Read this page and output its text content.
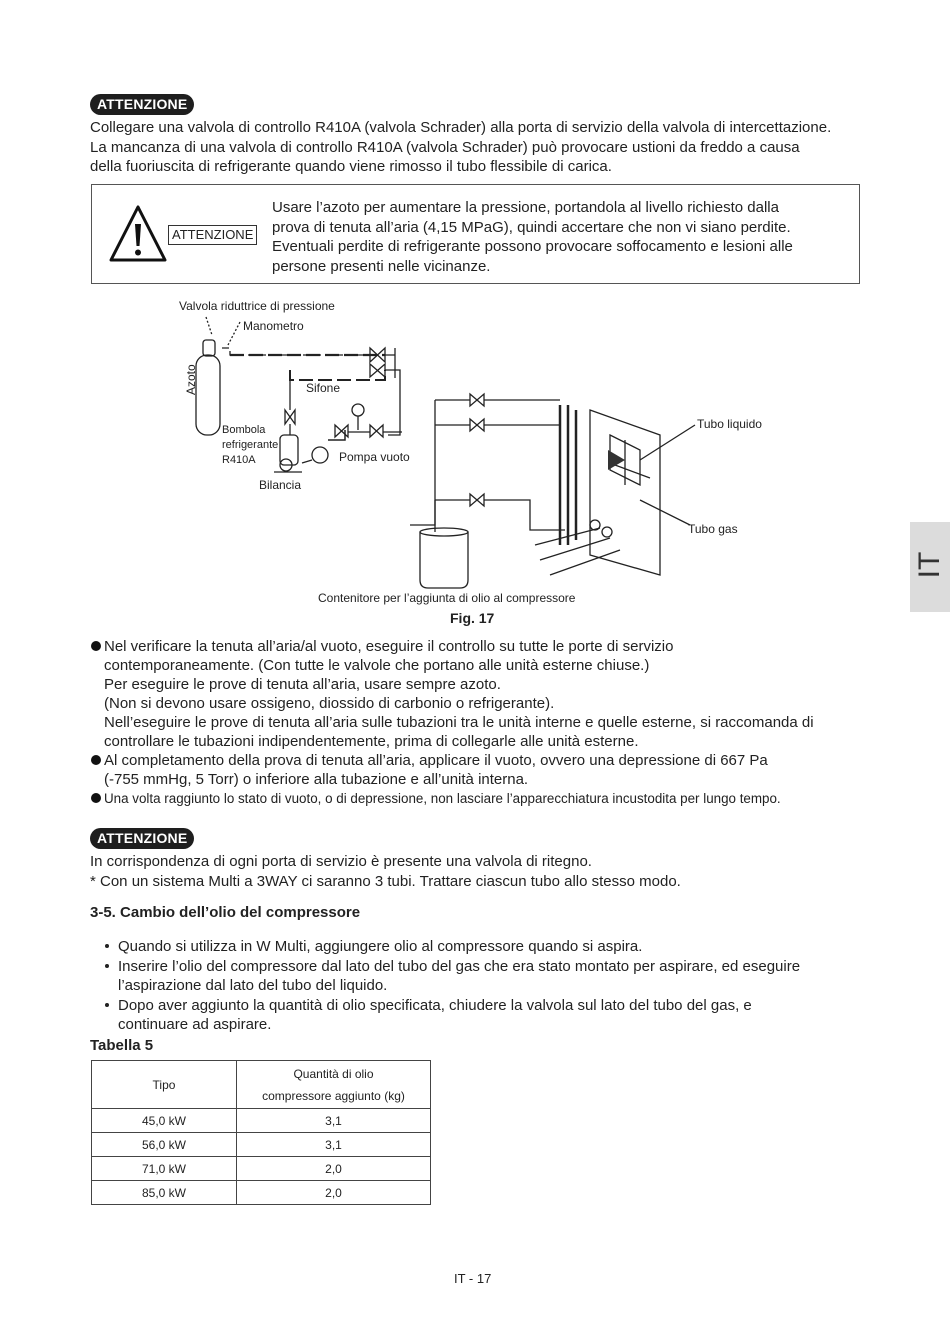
ATTENZIONE
Collegare una valvola di controllo R410A (valvola Schrader) alla porta di servizio della valvola di intercettazione.
La mancanza di una valvola di controllo R410A (valvola Schrader) può provocare ustioni da freddo a causa
della fuoriuscita di refrigerante quando viene rimosso il tubo flessibile di carica.
ATTENZIONE
Usare l’azoto per aumentare la pressione, portandola al livello richiesto dalla
prova di tenuta all’aria (4,15 MPaG), quindi accertare che non vi siano perdite.
Eventuali perdite di refrigerante possono provocare soffocamento e lesioni alle
persone presenti nelle vicinanze.
Valvola riduttrice di pressione
Manometro
Azoto	Sifone
Bombola
refrigerante
R410A	Pompa vuoto
Bilancia
Tubo liquido
Tubo gas
Contenitore per l’aggiunta di olio al compressore
Fig. 17
IT
Nel verificare la tenuta all’aria/al vuoto, eseguire il controllo su tutte le porte di servizio
contemporaneamente. (Con tutte le valvole che portano alle unità esterne chiuse.)
Per eseguire le prove di tenuta all’aria, usare sempre azoto.
(Non si devono usare ossigeno, diossido di carbonio o refrigerante).
Nell’eseguire le prove di tenuta all’aria sulle tubazioni tra le unità interne e quelle esterne, si raccomanda di
controllare le tubazioni indipendentemente, prima di collegarle alle unità esterne.
Al completamento della prova di tenuta all’aria, applicare il vuoto, ovvero una depressione di 667 Pa
(-755 mmHg, 5 Torr) o inferiore alla tubazione e all’unità interna.
Una volta raggiunto lo stato di vuoto, o di depressione, non lasciare l’apparecchiatura incustodita per lungo tempo.
ATTENZIONE
In corrispondenza di ogni porta di servizio è presente una valvola di ritegno.
* Con un sistema Multi a 3WAY ci saranno 3 tubi. Trattare ciascun tubo allo stesso modo.
3-5. Cambio dell’olio del compressore
Quando si utilizza in W Multi, aggiungere olio al compressore quando si aspira.
Inserire l’olio del compressore dal lato del tubo del gas che era stato montato per aspirare, ed eseguire
l’aspirazione dal lato del tubo del liquido.
Dopo aver aggiunto la quantità di olio specificata, chiudere la valvola sul lato del tubo del gas, e
continuare ad aspirare.
Tabella 5
Tipo	Quantità di olio
compressore aggiunto (kg)

45,0 kW	3,1
56,0 kW	3,1
71,0 kW	2,0
85,0 kW	2,0
IT - 17
